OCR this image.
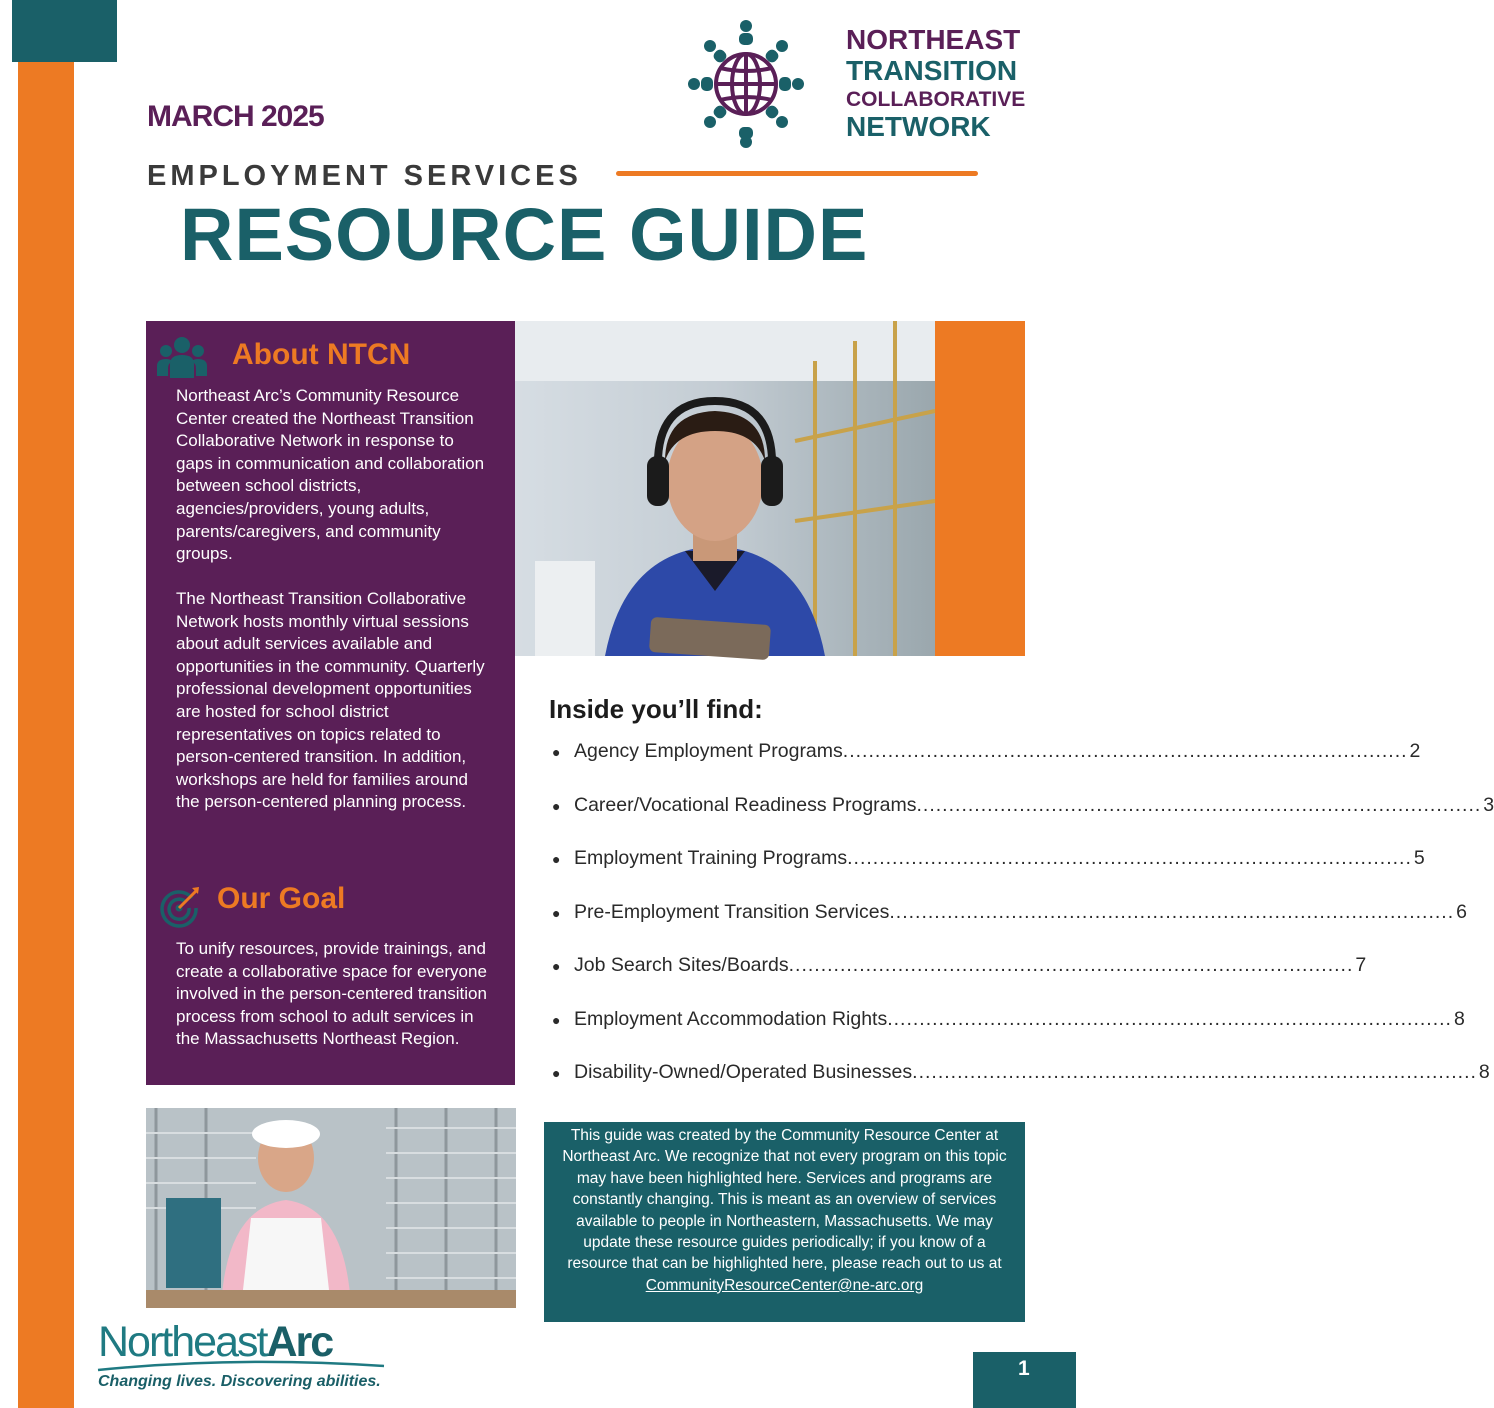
MARCH 2025
NORTHEAST
TRANSITION
COLLABORATIVE
NETWORK
EMPLOYMENT SERVICES
RESOURCE GUIDE
About NTCN
Northeast Arc’s Community Resource Center created the Northeast Transition Collaborative Network in response to gaps in communication and collaboration between school districts, agencies/providers, young adults, parents/caregivers, and community groups.
The Northeast Transition Collaborative Network hosts monthly virtual sessions about adult services available and opportunities in the community. Quarterly professional development opportunities are hosted for school district representatives on topics related to person-centered transition. In addition, workshops are held for families around the person-centered planning process.
Our Goal
To unify resources, provide trainings, and create a collaborative space for everyone involved in the person-centered transition process from school to adult services in the Massachusetts Northeast Region.
Inside you’ll find:
● Agency Employment Programs ........................................................................................ 2
● Career/Vocational Readiness Programs ........................................................................................ 3
● Employment Training Programs ........................................................................................ 5
● Pre-Employment Transition Services ........................................................................................ 6
● Job Search Sites/Boards ........................................................................................ 7
● Employment Accommodation Rights ........................................................................................ 8
● Disability-Owned/Operated Businesses ........................................................................................ 8
This guide was created by the Community Resource Center at Northeast Arc. We recognize that not every program on this topic may have been highlighted here. Services and programs are constantly changing. This is meant as an overview of services available to people in Northeastern, Massachusetts. We may update these resource guides periodically; if you know of a resource that can be highlighted here, please reach out to us at
CommunityResourceCenter@ne-arc.org
NortheastArc
Changing lives. Discovering abilities.
1
